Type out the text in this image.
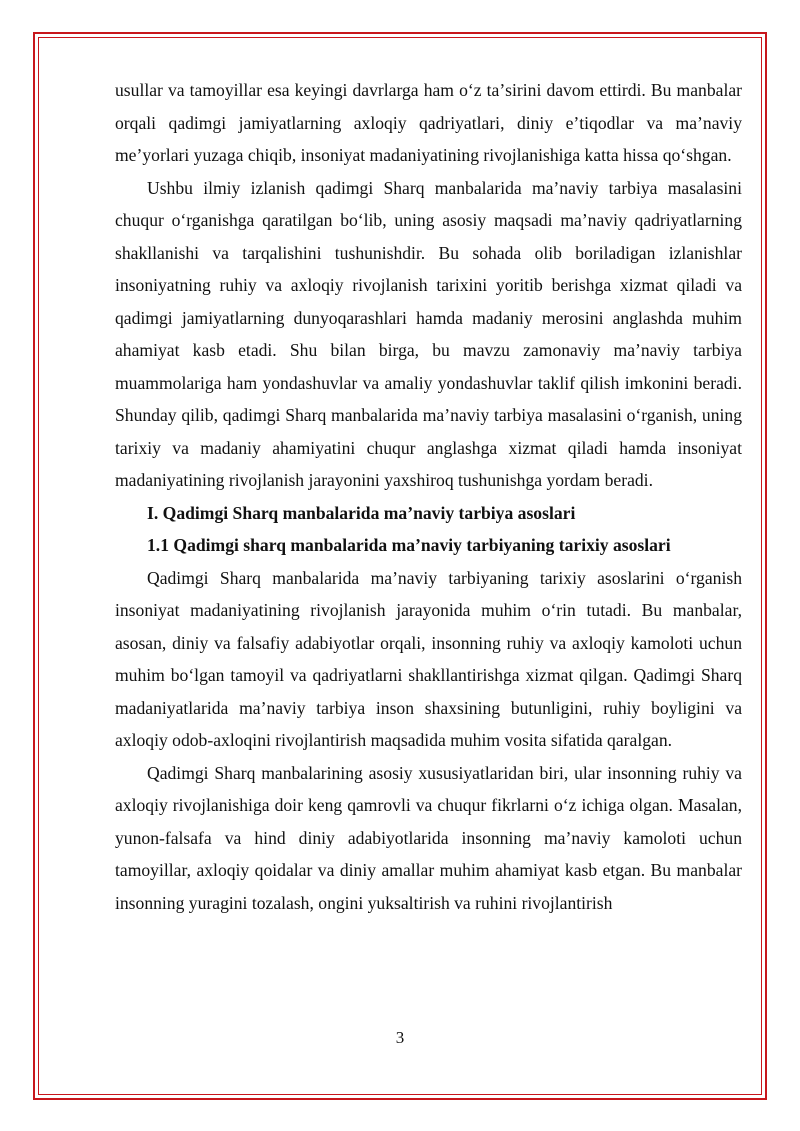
usullar va tamoyillar esa keyingi davrlarga ham oʻz taʼsirini davom ettirdi. Bu manbalar orqali qadimgi jamiyatlarning axloqiy qadriyatlari, diniy eʼtiqodlar va maʼnaviy meʼyorlari yuzaga chiqib, insoniyat madaniyatining rivojlanishiga katta hissa qoʻshgan.

Ushbu ilmiy izlanish qadimgi Sharq manbalarida maʼnaviy tarbiya masalasini chuqur oʻrganishga qaratilgan boʻlib, uning asosiy maqsadi maʼnaviy qadriyatlarning shakllanishi va tarqalishini tushunishdir. Bu sohada olib boriladigan izlanishlar insoniyatning ruhiy va axloqiy rivojlanish tarixini yoritib berishga xizmat qiladi va qadimgi jamiyatlarning dunyoqarashlari hamda madaniy merosini anglashda muhim ahamiyat kasb etadi. Shu bilan birga, bu mavzu zamonaviy maʼnaviy tarbiya muammolariga ham yondashuvlar va amaliy yondashuvlar taklif qilish imkonini beradi. Shunday qilib, qadimgi Sharq manbalarida maʼnaviy tarbiya masalasini oʻrganish, uning tarixiy va madaniy ahamiyatini chuqur anglashga xizmat qiladi hamda insoniyat madaniyatining rivojlanish jarayonini yaxshiroq tushunishga yordam beradi.

I. Qadimgi Sharq manbalarida maʼnaviy tarbiya asoslari
1.1 Qadimgi sharq manbalarida maʼnaviy tarbiyaning tarixiy asoslari

Qadimgi Sharq manbalarida maʼnaviy tarbiyaning tarixiy asoslarini oʻrganish insoniyat madaniyatining rivojlanish jarayonida muhim oʻrin tutadi. Bu manbalar, asosan, diniy va falsafiy adabiyotlar orqali, insonning ruhiy va axloqiy kamoloti uchun muhim boʻlgan tamoyil va qadriyatlarni shakllantirishga xizmat qilgan. Qadimgi Sharq madaniyatlarida maʼnaviy tarbiya inson shaxsining butunligini, ruhiy boyligini va axloqiy odob-axloqini rivojlantirish maqsadida muhim vosita sifatida qaralgan.

Qadimgi Sharq manbalarining asosiy xususiyatlaridan biri, ular insonning ruhiy va axloqiy rivojlanishiga doir keng qamrovli va chuqur fikrlarni oʻz ichiga olgan. Masalan, yunon-falsafa va hind diniy adabiyotlarida insonning maʼnaviy kamoloti uchun tamoyillar, axloqiy qoidalar va diniy amallar muhim ahamiyat kasb etgan. Bu manbalar insonning yuragini tozalash, ongini yuksaltirish va ruhini rivojlantirish

3
